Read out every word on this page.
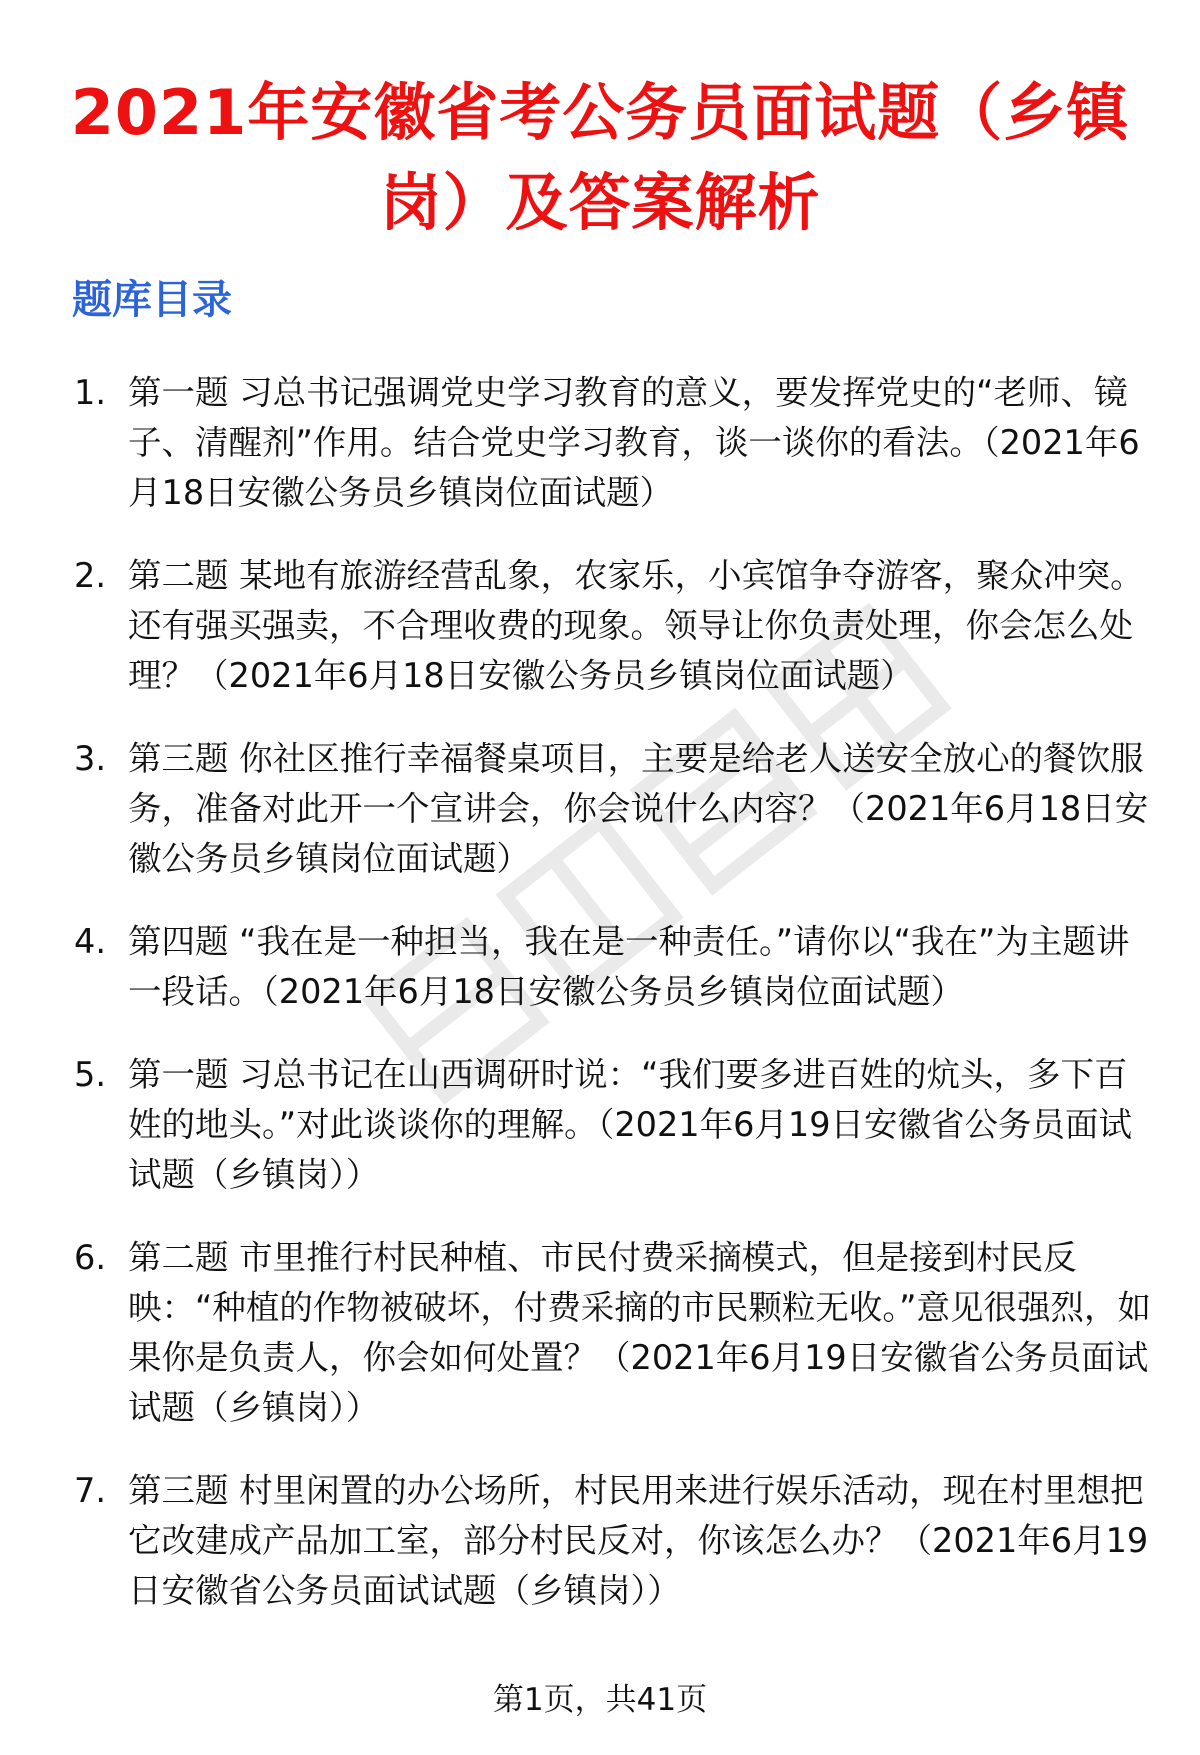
2021年安徽省考公务员面试题（乡镇岗）及答案解析
题库目录
1. 第一题 习总书记强调党史学习教育的意义，要发挥党史的“老师、镜子、清醒剂”作用。结合党史学习教育，谈一谈你的看法。（2021年6月18日安徽公务员乡镇岗位面试题）
2. 第二题 某地有旅游经营乱象，农家乐，小宾馆争夺游客，聚众冲突。还有强买强卖，不合理收费的现象。领导让你负责处理，你会怎么处理？（2021年6月18日安徽公务员乡镇岗位面试题）
3. 第三题 你社区推行幸福餐桌项目，主要是给老人送安全放心的餐饮服务，准备对此开一个宣讲会，你会说什么内容？（2021年6月18日安徽公务员乡镇岗位面试题）
4. 第四题 “我在是一种担当，我在是一种责任。”请你以“我在”为主题讲一段话。（2021年6月18日安徽公务员乡镇岗位面试题）
5. 第一题 习总书记在山西调研时说：“我们要多进百姓的炕头，多下百姓的地头。”对此谈谈你的理解。（2021年6月19日安徽省公务员面试试题（乡镇岗））
6. 第二题 市里推行村民种植、市民付费采摘模式，但是接到村民反映：“种植的作物被破坏，付费采摘的市民颗粒无收。”意见很强烈，如果你是负责人，你会如何处置？（2021年6月19日安徽省公务员面试试题（乡镇岗））
7. 第三题 村里闲置的办公场所，村民用来进行娱乐活动，现在村里想把它改建成产品加工室，部分村民反对，你该怎么办？（2021年6月19日安徽省公务员面试试题（乡镇岗））
第1页，共41页
